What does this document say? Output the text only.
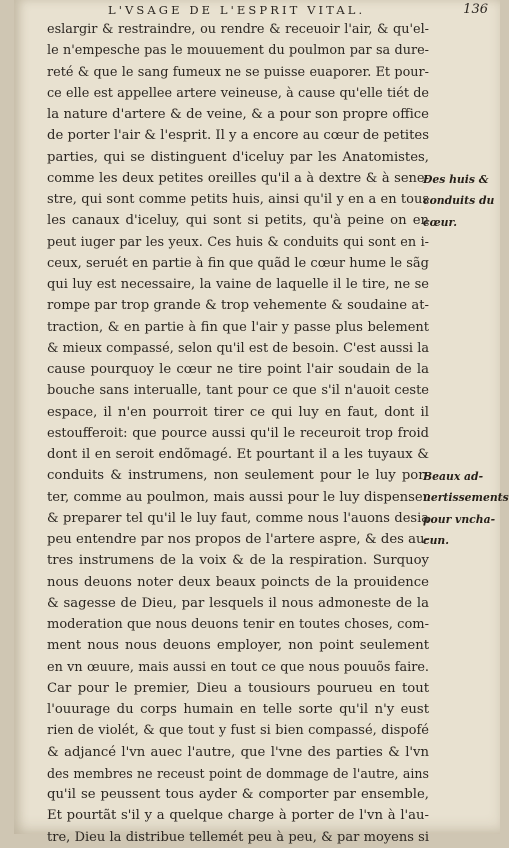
L'VSAGE DE L'ESPRIT VITAL.	136
eslargir & restraindre, ou rendre & receuoir l'air, & qu'el-
le n'empesche pas le mouuement du poulmon par sa dure-
reté & que le sang fumeux ne se puisse euaporer. Et pour-
ce elle est appellee artere veineuse, à cause qu'elle tiét de
la nature d'artere & de veine, & a pour son propre office
de porter l'air & l'esprit. Il y a encore au cœur de petites
parties, qui se distinguent d'iceluy par les Anatomistes,
comme les deux petites oreilles qu'il a à dextre & à sene-
stre, qui sont comme petits huis, ainsi qu'il y en a en tous
les canaux d'iceluy, qui sont si petits, qu'à peine on en
peut iuger par les yeux. Ces huis & conduits qui sont en i-
ceux, seruét en partie à fin que quãd le cœur hume le sãg
qui luy est necessaire, la vaine de laquelle il le tire, ne se
rompe par trop grande & trop vehemente & soudaine at-
traction, & en partie à fin que l'air y passe plus belement
& mieux compassé, selon qu'il est de besoin. C'est aussi la
cause pourquoy le cœur ne tire point l'air soudain de la
bouche sans interualle, tant pour ce que s'il n'auoit ceste
espace, il n'en pourroit tirer ce qui luy en faut, dont il
estoufferoit: que pource aussi qu'il le receuroit trop froid
dont il en seroit endõmagé. Et pourtant il a les tuyaux &
conduits & instrumens, non seulement pour le luy por-
ter, comme au poulmon, mais aussi pour le luy dispenser
& preparer tel qu'il le luy faut, comme nous l'auons desia
peu entendre par nos propos de l'artere aspre, & des au-
tres instrumens de la voix & de la respiration. Surquoy
nous deuons noter deux beaux poincts de la prouidence
& sagesse de Dieu, par lesquels il nous admoneste de la
moderation que nous deuons tenir en toutes choses, com-
ment nous nous deuons employer, non point seulement
en vn œuure, mais aussi en tout ce que nous pouuõs faire.
Car pour le premier, Dieu a tousiours pourueu en tout
l'ouurage du corps humain en telle sorte qu'il n'y eust
rien de violét, & que tout y fust si bien compassé, dispofé
& adjancé l'vn auec l'autre, que l'vne des parties & l'vn
des membres ne receust point de dommage de l'autre, ains
qu'il se peussent tous ayder & comporter par ensemble,
Et pourtãt s'il y a quelque charge à porter de l'vn à l'au-
tre, Dieu la distribue tellemét peu à peu, & par moyens si
Des huis &
conduits du
cœur.
Beaux ad-
uertissements
pour vncha-
cun.
